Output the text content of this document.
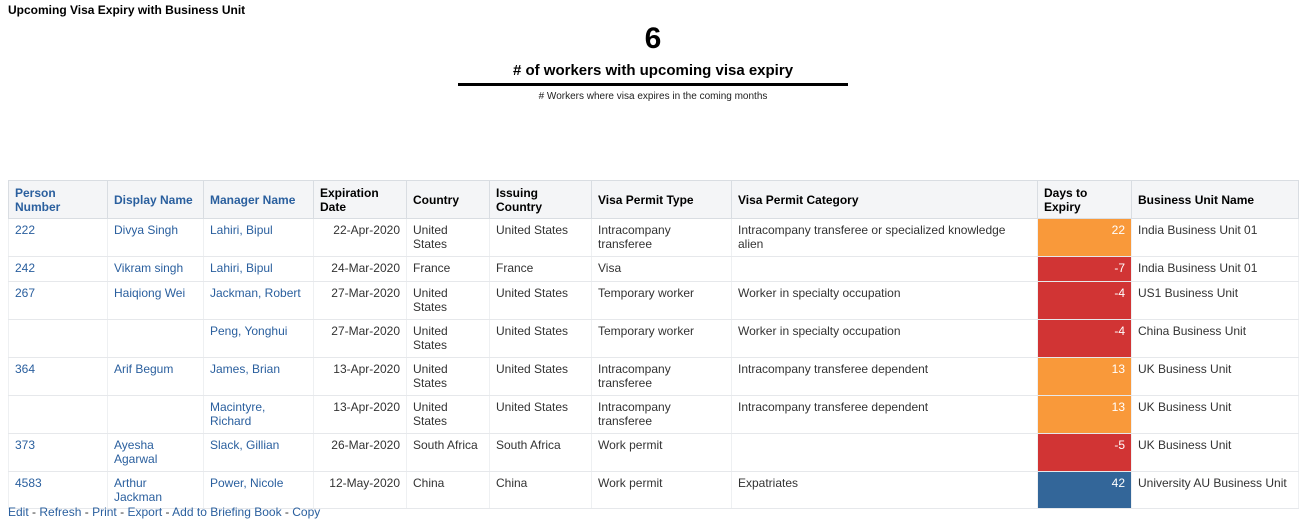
Upcoming Visa Expiry with Business Unit
6
# of workers with upcoming visa expiry
# Workers where visa expires in the coming months
Person Number	Display Name	Manager Name	Expiration Date	Country	Issuing Country	Visa Permit Type	Visa Permit Category	Days to Expiry	Business Unit Name
222	Divya Singh	Lahiri, Bipul	22-Apr-2020	United States	United States	Intracompany transferee	Intracompany transferee or specialized knowledge alien	22	India Business Unit 01
242	Vikram singh	Lahiri, Bipul	24-Mar-2020	France	France	Visa		-7	India Business Unit 01
267	Haiqiong Wei	Jackman, Robert	27-Mar-2020	United States	United States	Temporary worker	Worker in specialty occupation	-4	US1 Business Unit
		Peng, Yonghui	27-Mar-2020	United States	United States	Temporary worker	Worker in specialty occupation	-4	China Business Unit
364	Arif Begum	James, Brian	13-Apr-2020	United States	United States	Intracompany transferee	Intracompany transferee dependent	13	UK Business Unit
		Macintyre, Richard	13-Apr-2020	United States	United States	Intracompany transferee	Intracompany transferee dependent	13	UK Business Unit
373	Ayesha Agarwal	Slack, Gillian	26-Mar-2020	South Africa	South Africa	Work permit		-5	UK Business Unit
4583	Arthur Jackman	Power, Nicole	12-May-2020	China	China	Work permit	Expatriates	42	University AU Business Unit
Edit - Refresh - Print - Export - Add to Briefing Book - Copy
